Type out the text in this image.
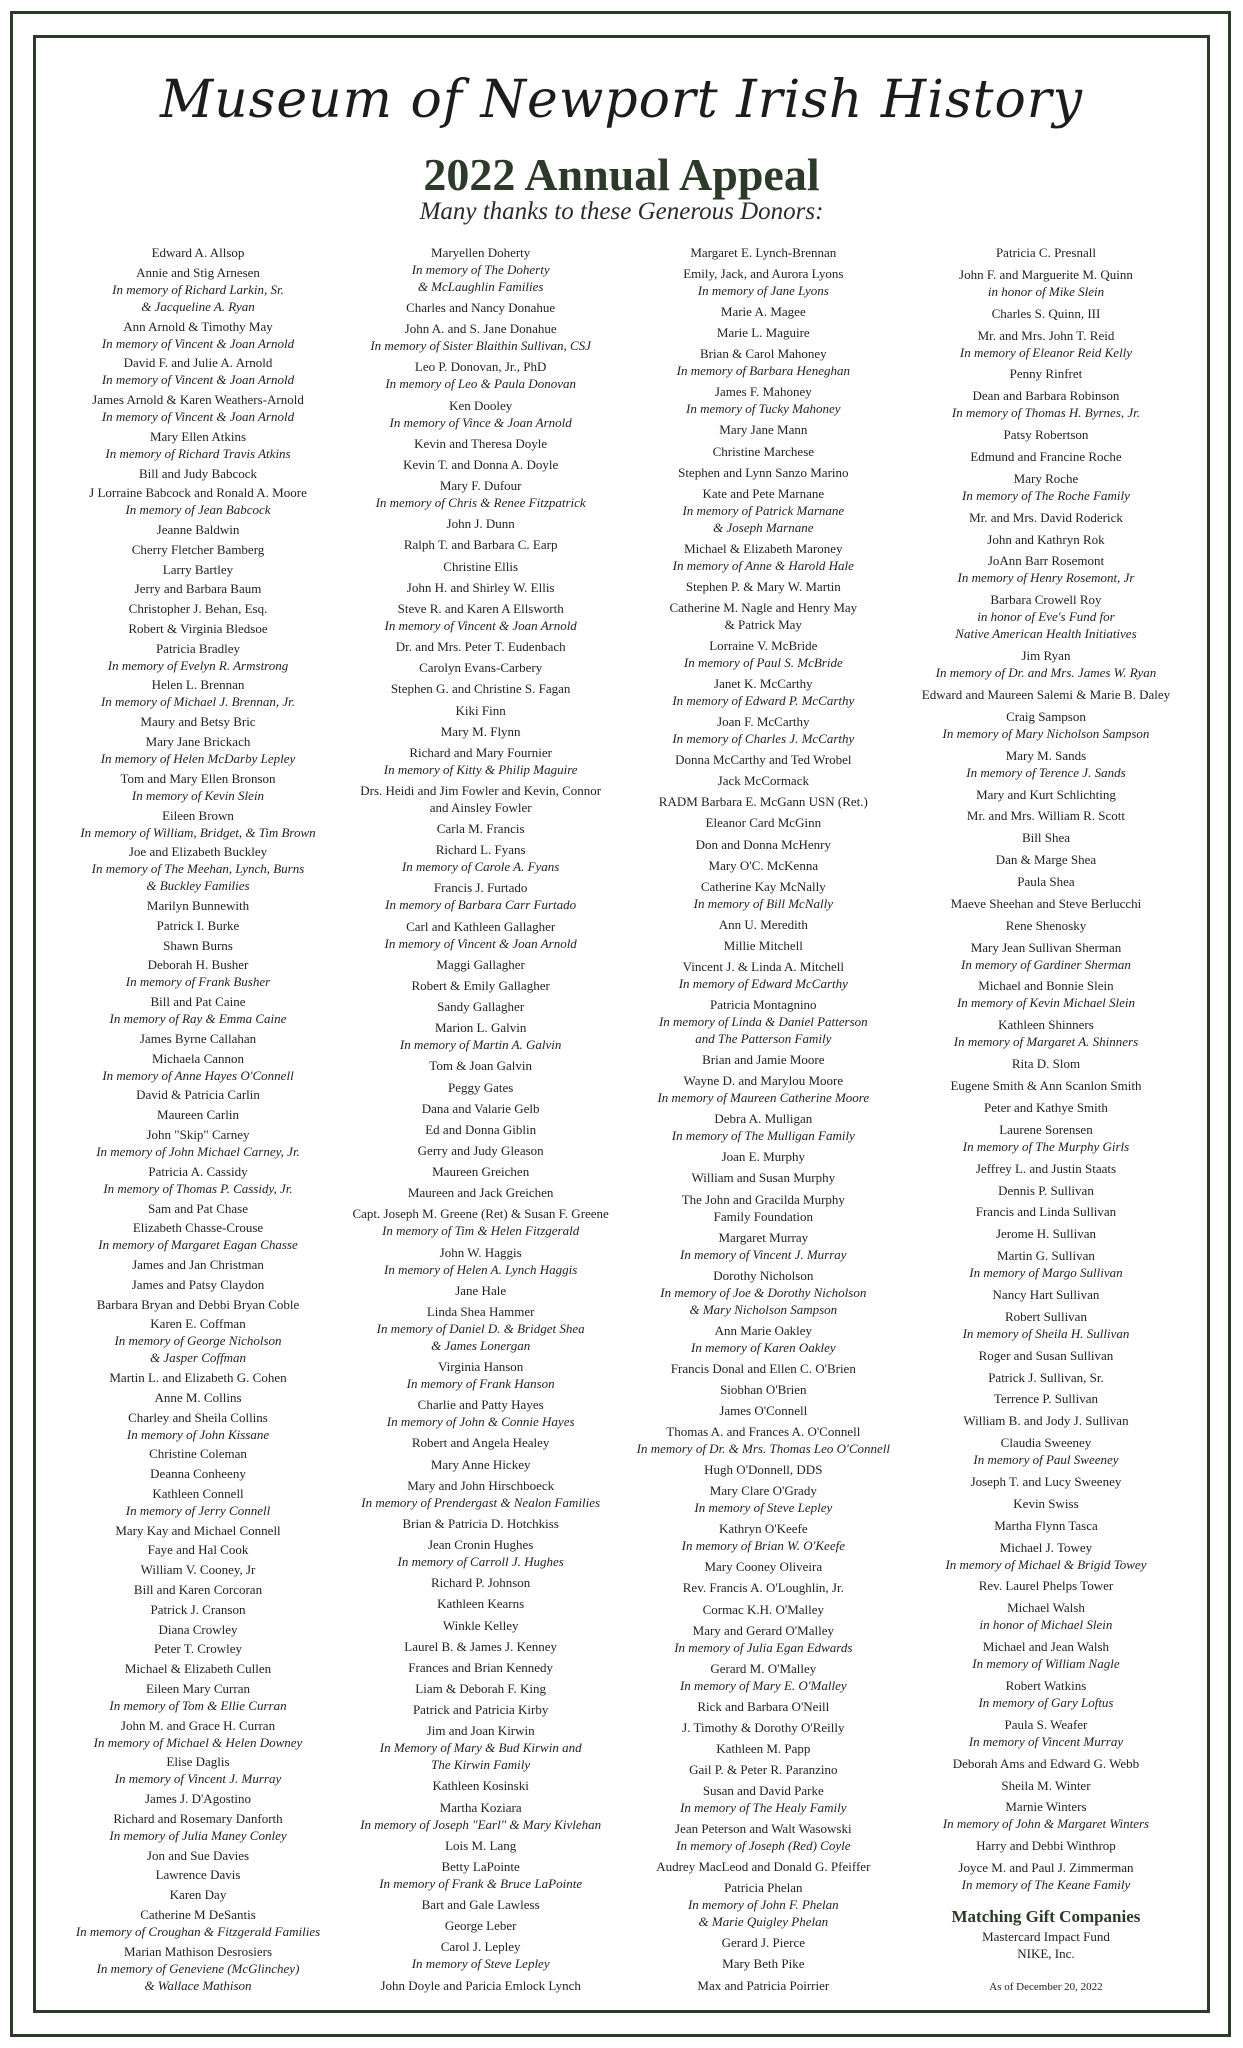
Museum of Newport Irish History
2022 Annual Appeal
Many thanks to these Generous Donors:
Edward A. Allsop
Annie and Stig Arnesen
In memory of Richard Larkin, Sr.
& Jacqueline A. Ryan
Ann Arnold & Timothy May
In memory of Vincent & Joan Arnold
David F. and Julie A. Arnold
In memory of Vincent & Joan Arnold
James Arnold & Karen Weathers-Arnold
In memory of Vincent & Joan Arnold
Mary Ellen Atkins
In memory of Richard Travis Atkins
Bill and Judy Babcock
J Lorraine Babcock and Ronald A. Moore
In memory of Jean Babcock
Jeanne Baldwin
Cherry Fletcher Bamberg
Larry Bartley
Jerry and Barbara Baum
Christopher J. Behan, Esq.
Robert & Virginia Bledsoe
Patricia Bradley
In memory of Evelyn R. Armstrong
Helen L. Brennan
In memory of Michael J. Brennan, Jr.
Maury and Betsy Bric
Mary Jane Brickach
In memory of Helen McDarby Lepley
Tom and Mary Ellen Bronson
In memory of Kevin Slein
Eileen Brown
In memory of William, Bridget, & Tim Brown
Joe and Elizabeth Buckley
In memory of The Meehan, Lynch, Burns
& Buckley Families
Marilyn Bunnewith
Patrick I. Burke
Shawn Burns
Deborah H. Busher
In memory of Frank Busher
Bill and Pat Caine
In memory of Ray & Emma Caine
James Byrne Callahan
Michaela Cannon
In memory of Anne Hayes O'Connell
David & Patricia Carlin
Maureen Carlin
John "Skip" Carney
In memory of John Michael Carney, Jr.
Patricia A. Cassidy
In memory of Thomas P. Cassidy, Jr.
Sam and Pat Chase
Elizabeth Chasse-Crouse
In memory of Margaret Eagan Chasse
James and Jan Christman
James and Patsy Claydon
Barbara Bryan and Debbi Bryan Coble
Karen E. Coffman
In memory of George Nicholson
& Jasper Coffman
Martin L. and Elizabeth G. Cohen
Anne M. Collins
Charley and Sheila Collins
In memory of John Kissane
Christine Coleman
Deanna Conheeny
Kathleen Connell
In memory of Jerry Connell
Mary Kay and Michael Connell
Faye and Hal Cook
William V. Cooney, Jr
Bill and Karen Corcoran
Patrick J. Cranson
Diana Crowley
Peter T. Crowley
Michael & Elizabeth Cullen
Eileen Mary Curran
In memory of Tom & Ellie Curran
John M. and Grace H. Curran
In memory of Michael & Helen Downey
Elise Daglis
In memory of Vincent J. Murray
James J. D'Agostino
Richard and Rosemary Danforth
In memory of Julia Maney Conley
Jon and Sue Davies
Lawrence Davis
Karen Day
Catherine M DeSantis
In memory of Croughan & Fitzgerald Families
Marian Mathison Desrosiers
In memory of Geneviene (McGlinchey)
& Wallace Mathison
Maryellen Doherty
In memory of The Doherty
& McLaughlin Families
Charles and Nancy Donahue
John A. and S. Jane Donahue
In memory of Sister Blaithin Sullivan, CSJ
Leo P. Donovan, Jr., PhD
In memory of Leo & Paula Donovan
Ken Dooley
In memory of Vince & Joan Arnold
Kevin and Theresa Doyle
Kevin T. and Donna A. Doyle
Mary F. Dufour
In memory of Chris & Renee Fitzpatrick
John J. Dunn
Ralph T. and Barbara C. Earp
Christine Ellis
John H. and Shirley W. Ellis
Steve R. and Karen A Ellsworth
In memory of Vincent & Joan Arnold
Dr. and Mrs. Peter T. Eudenbach
Carolyn Evans-Carbery
Stephen G. and Christine S. Fagan
Kiki Finn
Mary M. Flynn
Richard and Mary Fournier
In memory of Kitty & Philip Maguire
Drs. Heidi and Jim Fowler and Kevin, Connor
and Ainsley Fowler
Carla M. Francis
Richard L. Fyans
In memory of Carole A. Fyans
Francis J. Furtado
In memory of Barbara Carr Furtado
Carl and Kathleen Gallagher
In memory of Vincent & Joan Arnold
Maggi Gallagher
Robert & Emily Gallagher
Sandy Gallagher
Marion L. Galvin
In memory of Martin A. Galvin
Tom & Joan Galvin
Peggy Gates
Dana and Valarie Gelb
Ed and Donna Giblin
Gerry and Judy Gleason
Maureen Greichen
Maureen and Jack Greichen
Capt. Joseph M. Greene (Ret) & Susan F. Greene
In memory of Tim & Helen Fitzgerald
John W. Haggis
In memory of Helen A. Lynch Haggis
Jane Hale
Linda Shea Hammer
In memory of Daniel D. & Bridget Shea
& James Lonergan
Virginia Hanson
In memory of Frank Hanson
Charlie and Patty Hayes
In memory of John & Connie Hayes
Robert and Angela Healey
Mary Anne Hickey
Mary and John Hirschboeck
In memory of Prendergast & Nealon Families
Brian & Patricia D. Hotchkiss
Jean Cronin Hughes
In memory of Carroll J. Hughes
Richard P. Johnson
Kathleen Kearns
Winkle Kelley
Laurel B. & James J. Kenney
Frances and Brian Kennedy
Liam & Deborah F. King
Patrick and Patricia Kirby
Jim and Joan Kirwin
In Memory of Mary & Bud Kirwin and
The Kirwin Family
Kathleen Kosinski
Martha Koziara
In memory of Joseph "Earl" & Mary Kivlehan
Lois M. Lang
Betty LaPointe
In memory of Frank & Bruce LaPointe
Bart and Gale Lawless
George Leber
Carol J. Lepley
In memory of Steve Lepley
John Doyle and Paricia Emlock Lynch
Margaret E. Lynch-Brennan
Emily, Jack, and Aurora Lyons
In memory of Jane Lyons
Marie A. Magee
Marie L. Maguire
Brian & Carol Mahoney
In memory of Barbara Heneghan
James F. Mahoney
In memory of Tucky Mahoney
Mary Jane Mann
Christine Marchese
Stephen and Lynn Sanzo Marino
Kate and Pete Marnane
In memory of Patrick Marnane
& Joseph Marnane
Michael & Elizabeth Maroney
In memory of Anne & Harold Hale
Stephen P. & Mary W. Martin
Catherine M. Nagle and Henry May
& Patrick May
Lorraine V. McBride
In memory of Paul S. McBride
Janet K. McCarthy
In memory of Edward P. McCarthy
Joan F. McCarthy
In memory of Charles J. McCarthy
Donna McCarthy and Ted Wrobel
Jack McCormack
RADM Barbara E. McGann USN (Ret.)
Eleanor Card McGinn
Don and Donna McHenry
Mary O'C. McKenna
Catherine Kay McNally
In memory of Bill McNally
Ann U. Meredith
Millie Mitchell
Vincent J. & Linda A. Mitchell
In memory of Edward McCarthy
Patricia Montagnino
In memory of Linda & Daniel Patterson
and The Patterson Family
Brian and Jamie Moore
Wayne D. and Marylou Moore
In memory of Maureen Catherine Moore
Debra A. Mulligan
In memory of The Mulligan Family
Joan E. Murphy
William and Susan Murphy
The John and Gracilda Murphy
Family Foundation
Margaret Murray
In memory of Vincent J. Murray
Dorothy Nicholson
In memory of Joe & Dorothy Nicholson
& Mary Nicholson Sampson
Ann Marie Oakley
In memory of Karen Oakley
Francis Donal and Ellen C. O'Brien
Siobhan O'Brien
James O'Connell
Thomas A. and Frances A. O'Connell
In memory of Dr. & Mrs. Thomas Leo O'Connell
Hugh O'Donnell, DDS
Mary Clare O'Grady
In memory of Steve Lepley
Kathryn O'Keefe
In memory of Brian W. O'Keefe
Mary Cooney Oliveira
Rev. Francis A. O'Loughlin, Jr.
Cormac K.H. O'Malley
Mary and Gerard O'Malley
In memory of Julia Egan Edwards
Gerard M. O'Malley
In memory of Mary E. O'Malley
Rick and Barbara O'Neill
J. Timothy & Dorothy O'Reilly
Kathleen M. Papp
Gail P. & Peter R. Paranzino
Susan and David Parke
In memory of The Healy Family
Jean Peterson and Walt Wasowski
In memory of Joseph (Red) Coyle
Audrey MacLeod and Donald G. Pfeiffer
Patricia Phelan
In memory of John F. Phelan
& Marie Quigley Phelan
Gerard J. Pierce
Mary Beth Pike
Max and Patricia Poirrier
Patricia C. Presnall
John F. and Marguerite M. Quinn
in honor of Mike Slein
Charles S. Quinn, III
Mr. and Mrs. John T. Reid
In memory of Eleanor Reid Kelly
Penny Rinfret
Dean and Barbara Robinson
In memory of Thomas H. Byrnes, Jr.
Patsy Robertson
Edmund and Francine Roche
Mary Roche
In memory of The Roche Family
Mr. and Mrs. David Roderick
John and Kathryn Rok
JoAnn Barr Rosemont
In memory of Henry Rosemont, Jr
Barbara Crowell Roy
in honor of Eve's Fund for
Native American Health Initiatives
Jim Ryan
In memory of Dr. and Mrs. James W. Ryan
Edward and Maureen Salemi & Marie B. Daley
Craig Sampson
In memory of Mary Nicholson Sampson
Mary M. Sands
In memory of Terence J. Sands
Mary and Kurt Schlichting
Mr. and Mrs. William R. Scott
Bill Shea
Dan & Marge Shea
Paula Shea
Maeve Sheehan and Steve Berlucchi
Rene Shenosky
Mary Jean Sullivan Sherman
In memory of Gardiner Sherman
Michael and Bonnie Slein
In memory of Kevin Michael Slein
Kathleen Shinners
In memory of Margaret A. Shinners
Rita D. Slom
Eugene Smith & Ann Scanlon Smith
Peter and Kathye Smith
Laurene Sorensen
In memory of The Murphy Girls
Jeffrey L. and Justin Staats
Dennis P. Sullivan
Francis and Linda Sullivan
Jerome H. Sullivan
Martin G. Sullivan
In memory of Margo Sullivan
Nancy Hart Sullivan
Robert Sullivan
In memory of Sheila H. Sullivan
Roger and Susan Sullivan
Patrick J. Sullivan, Sr.
Terrence P. Sullivan
William B. and Jody J. Sullivan
Claudia Sweeney
In memory of Paul Sweeney
Joseph T. and Lucy Sweeney
Kevin Swiss
Martha Flynn Tasca
Michael J. Towey
In memory of Michael & Brigid Towey
Rev. Laurel Phelps Tower
Michael Walsh
in honor of Michael Slein
Michael and Jean Walsh
In memory of William Nagle
Robert Watkins
In memory of Gary Loftus
Paula S. Weafer
In memory of Vincent Murray
Deborah Ams and Edward G. Webb
Sheila M. Winter
Marnie Winters
In memory of John & Margaret Winters
Harry and Debbi Winthrop
Joyce M. and Paul J. Zimmerman
In memory of The Keane Family
Matching Gift Companies
Mastercard Impact Fund
NIKE, Inc.
As of December 20, 2022
